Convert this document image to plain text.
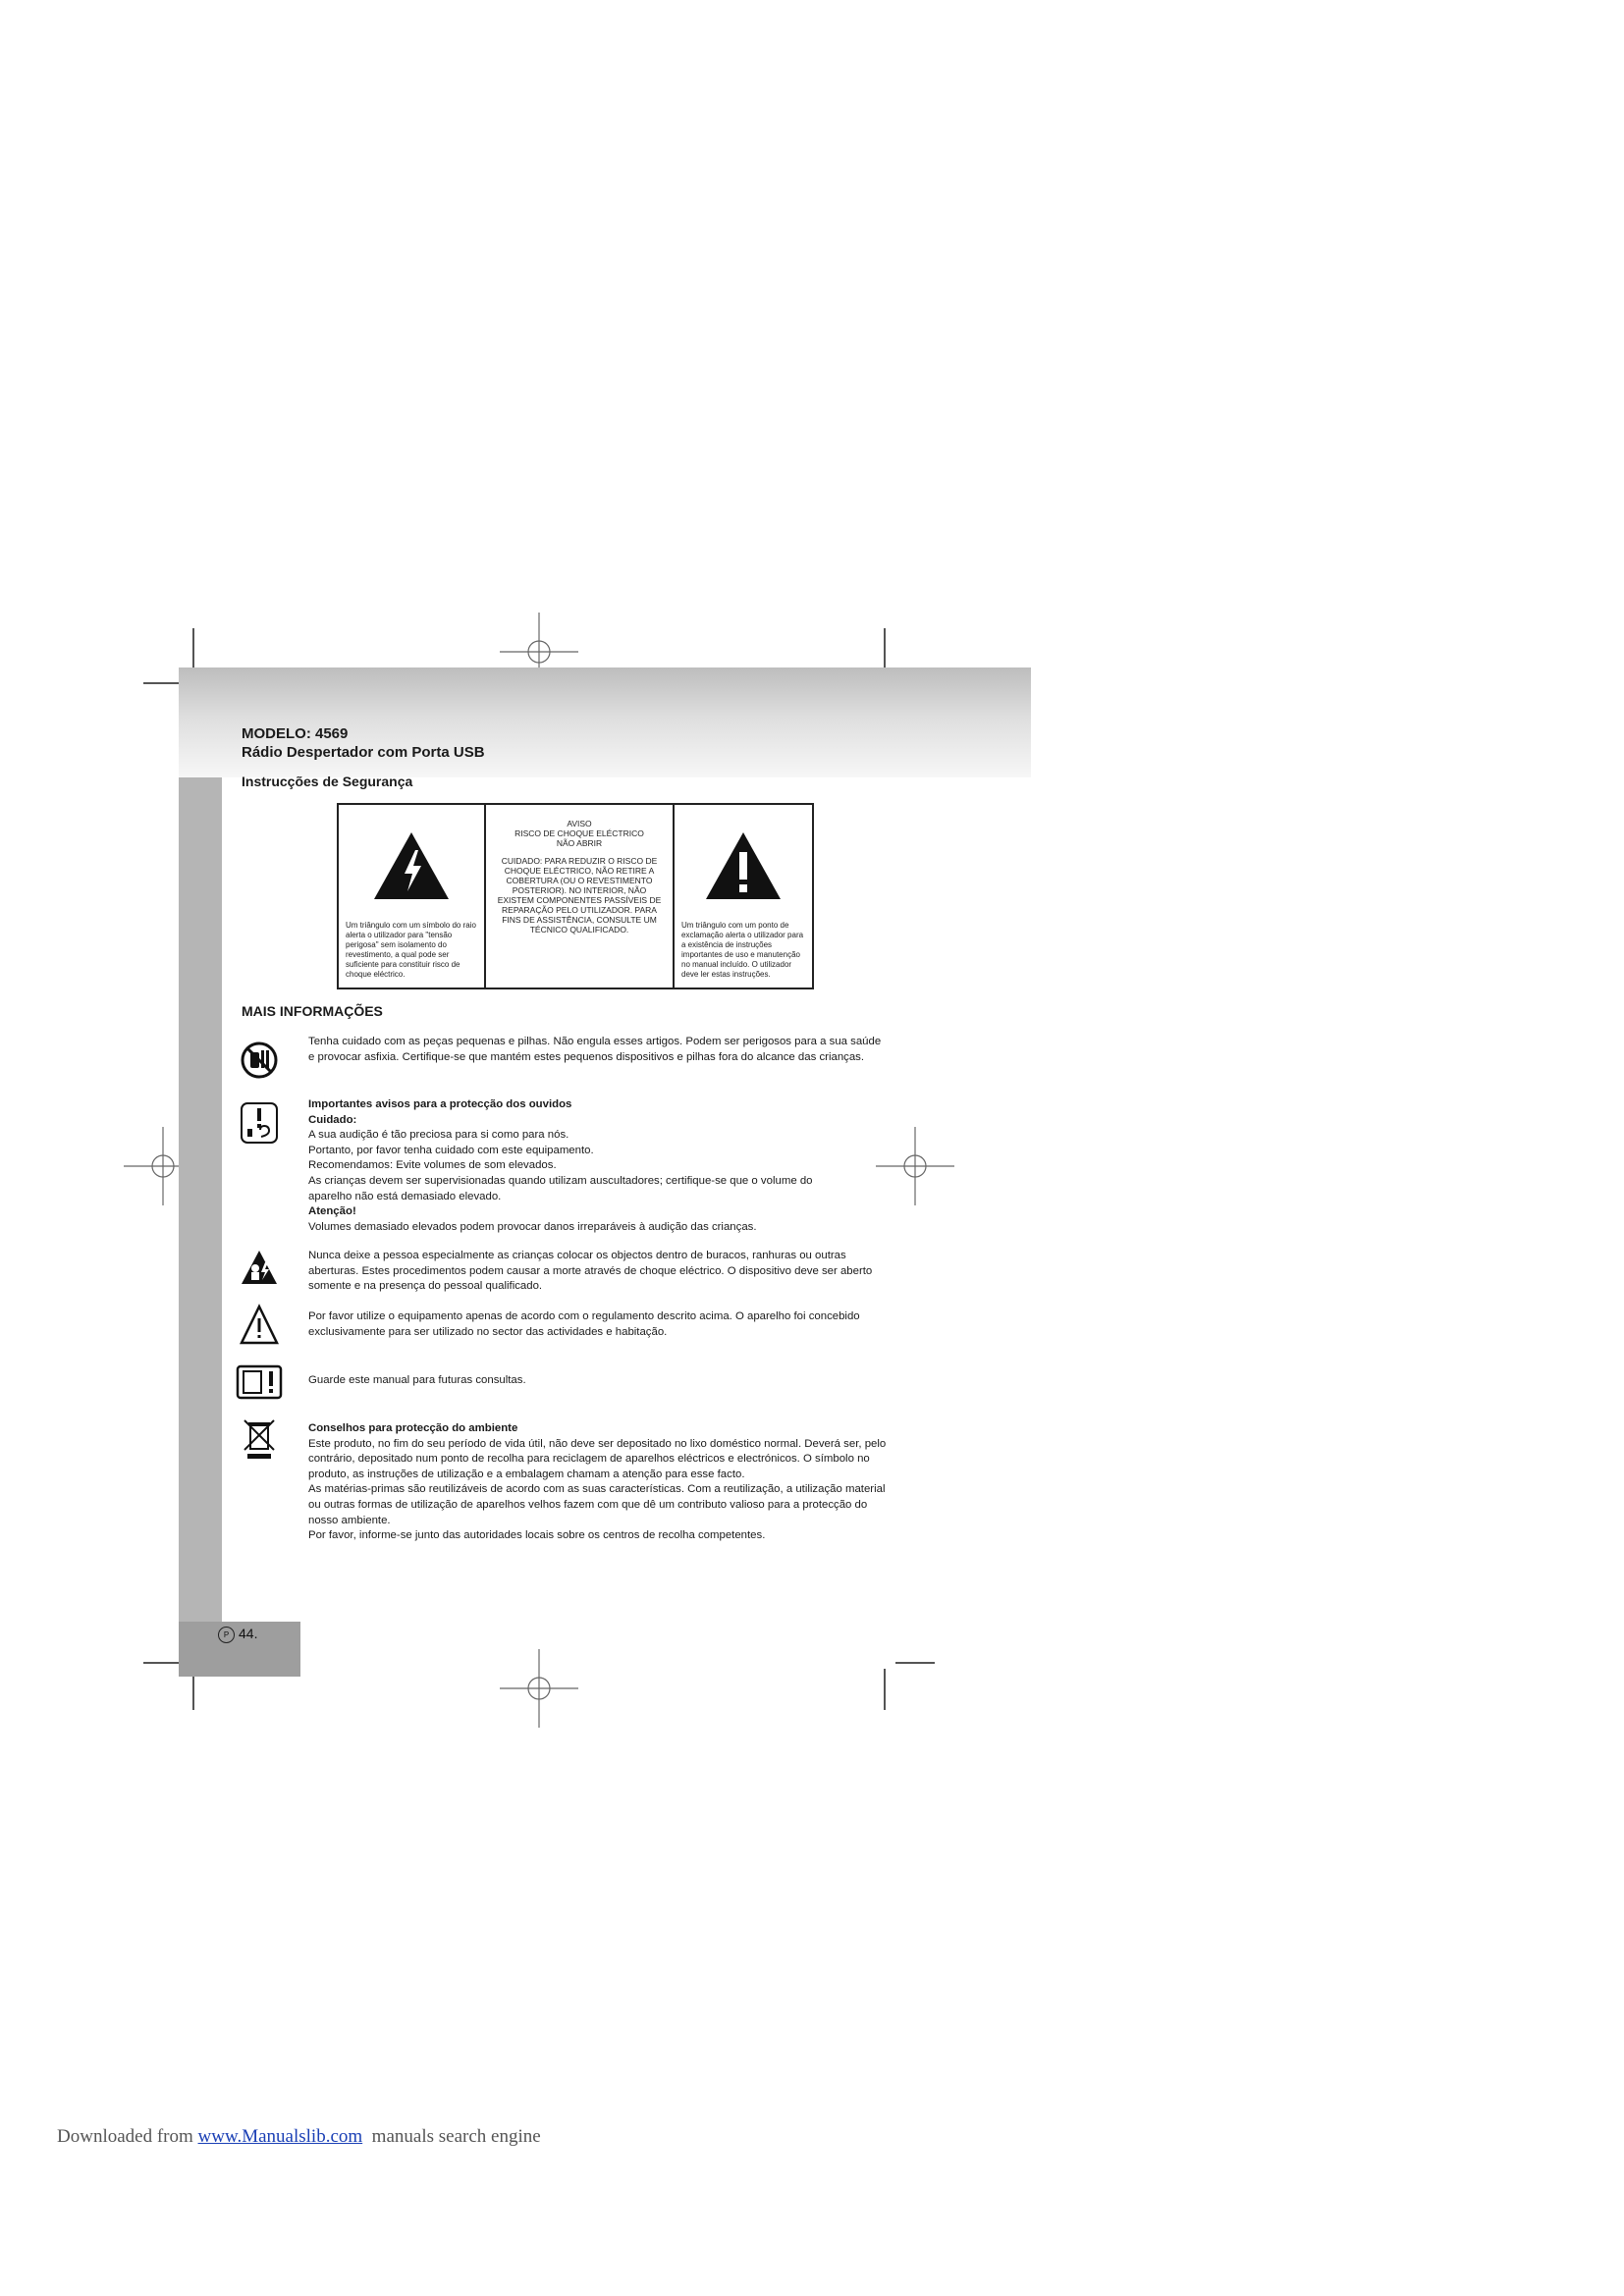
P 44.
MODELO: 4569
Rádio Despertador com Porta USB
Instrucções de Segurança
Um triângulo com um símbolo do raio alerta o utilizador para "tensão perigosa" sem isolamento do revestimento, a qual pode ser suficiente para constituir risco de choque eléctrico.

AVISO
RISCO DE CHOQUE ELÉCTRICO
NÃO ABRIR

CUIDADO: PARA REDUZIR O RISCO DE CHOQUE ELÉCTRICO, NÃO RETIRE A COBERTURA (OU O REVESTIMENTO POSTERIOR). NO INTERIOR, NÃO EXISTEM COMPONENTES PASSÍVEIS DE REPARAÇÃO PELO UTILIZADOR. PARA FINS DE ASSISTÊNCIA, CONSULTE UM TÉCNICO QUALIFICADO.	Um triângulo com um ponto de exclamação alerta o utilizador para a existência de instruções importantes de uso e manutenção no manual incluído. O utilizador deve ler estas instruções.
MAIS INFORMAÇÕES

Tenha cuidado com as peças pequenas e pilhas. Não engula esses artigos. Podem ser perigosos para a sua saúde e provocar asfixia. Certifique-se que mantém estes pequenos dispositivos e pilhas fora do alcance das crianças.

Importantes avisos para a protecção dos ouvidos

Cuidado:

A sua audição é tão preciosa para si como para nós.

Portanto, por favor tenha cuidado com este equipamento.

Recomendamos: Evite volumes de som elevados.

As crianças devem ser supervisionadas quando utilizam auscultadores; certifique-se que o volume do aparelho não está demasiado elevado.

Atenção!

Volumes demasiado elevados podem provocar danos irreparáveis à audição das crianças.

Nunca deixe a pessoa especialmente as crianças colocar os objectos dentro de buracos, ranhuras ou outras aberturas. Estes procedimentos podem causar a morte através de choque eléctrico. O dispositivo deve ser aberto somente e na presença do pessoal qualificado.

Por favor utilize o equipamento apenas de acordo com o regulamento descrito acima. O aparelho foi concebido exclusivamente para ser utilizado no sector das actividades e habitação.

Guarde este manual para futuras consultas.

Conselhos para protecção do ambiente

Este produto, no fim do seu período de vida útil, não deve ser depositado no lixo doméstico normal. Deverá ser, pelo contrário, depositado num ponto de recolha para reciclagem de aparelhos eléctricos e electrónicos. O símbolo no produto, as instruções de utilização e a embalagem chamam a atenção para esse facto.

As matérias-primas são reutilizáveis de acordo com as suas características. Com a reutilização, a utilização material ou outras formas de utilização de aparelhos velhos fazem com que dê um contributo valioso para a protecção do nosso ambiente.

Por favor, informe-se junto das autoridades locais sobre os centros de recolha competentes.

Downloaded from www.Manualslib.com  manuals search engine
